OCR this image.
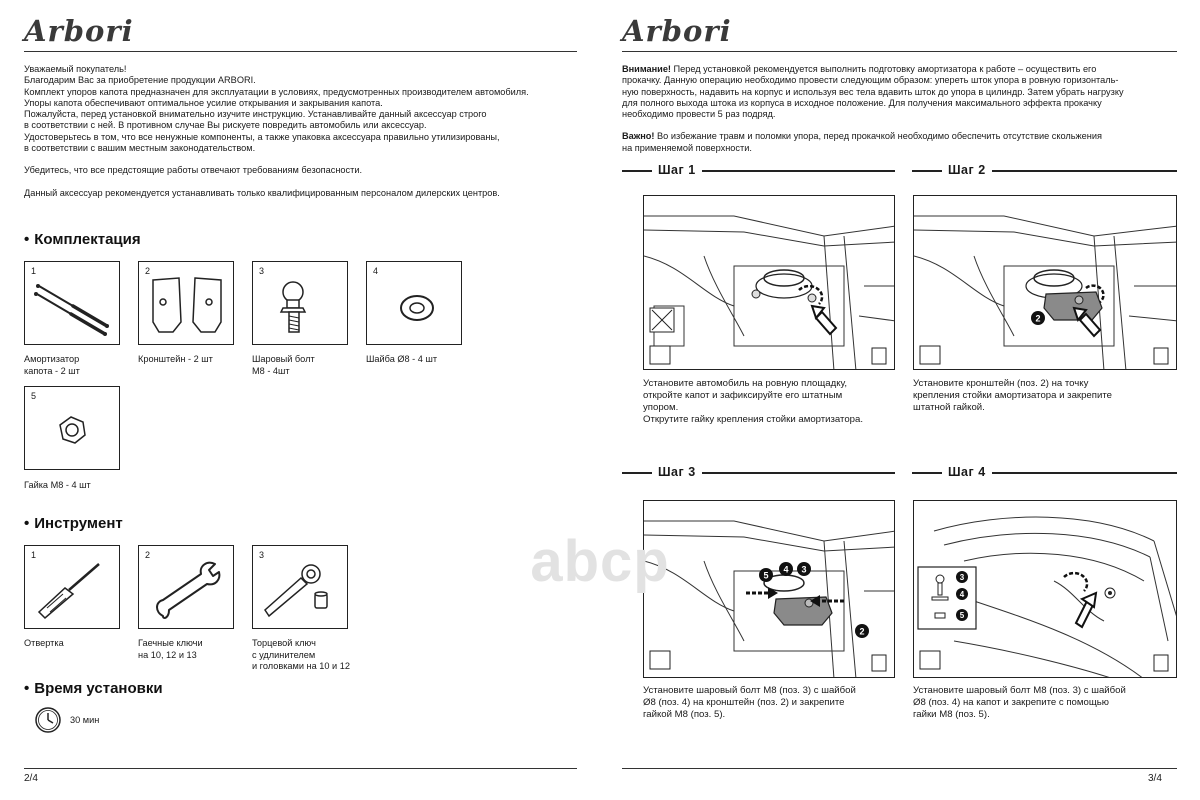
Arbori

Уважаемый покупатель!

Благодарим Вас за приобретение продукции ARBORI.

Комплект упоров капота предназначен для эксплуатации в условиях, предусмотренных производителем автомобиля.

Упоры капота обеспечивают оптимальное усилие открывания и закрывания капота.

Пожалуйста, перед установкой внимательно изучите инструкцию. Устанавливайте данный аксессуар строго

в соответствии с ней. В противном случае Вы рискуете повредить автомобиль или аксессуар.

Удостоверьтесь в том, что все ненужные компоненты, а также упаковка аксессуара правильно утилизированы,

в соответствии с вашим местным законодательством.

Убедитесь, что все предстоящие работы отвечают требованиям безопасности.

Данный аксессуар рекомендуется устанавливать только квалифицированным персоналом дилерских центров.

• Комплектация
1
Амортизатор
капота - 2 шт
2
Кронштейн - 2 шт
3
Шаровый болт
М8 - 4шт
4
Шайба Ø8 - 4 шт
5
Гайка М8 - 4 шт
• Инструмент
1
Отвертка
2
Гаечные ключи
на 10, 12 и 13
3
Торцевой ключ
с удлинителем
и головками на 10 и 12
• Время установки
30 мин
2/4
Arbori

Внимание! Перед установкой рекомендуется выполнить подготовку амортизатора к работе – осуществить его

прокачку. Данную операцию необходимо провести следующим образом: упереть шток упора в ровную горизонталь-

ную поверхность, надавить на корпус и используя вес тела вдавить шток до упора в цилиндр. Затем убрать нагрузку

для полного выхода штока из корпуса в исходное положение. Для получения максимального эффекта прокачку

необходимо провести 5 раз подряд.

Важно! Во избежание травм и поломки упора, перед прокачкой необходимо обеспечить отсутствие скольжения

на применяемой поверхности.

Шаг 1	Шаг 2
Шаг 3	Шаг 4
Установите автомобиль на ровную площадку,
откройте капот и зафиксируйте его штатным
упором.
Открутите гайку крепления стойки амортизатора.
2
Установите кронштейн (поз. 2) на точку
крепления стойки амортизатора и закрепите
штатной гайкой.
4 3
5
2
Установите шаровый болт М8 (поз. 3) с шайбой
Ø8 (поз. 4) на кронштейн (поз. 2) и закрепите
гайкой М8 (поз. 5).
3
4
5
Установите шаровый болт М8 (поз. 3) с шайбой
Ø8 (поз. 4) на капот и закрепите с помощью
гайки М8 (поз. 5).
3/4
abcp
